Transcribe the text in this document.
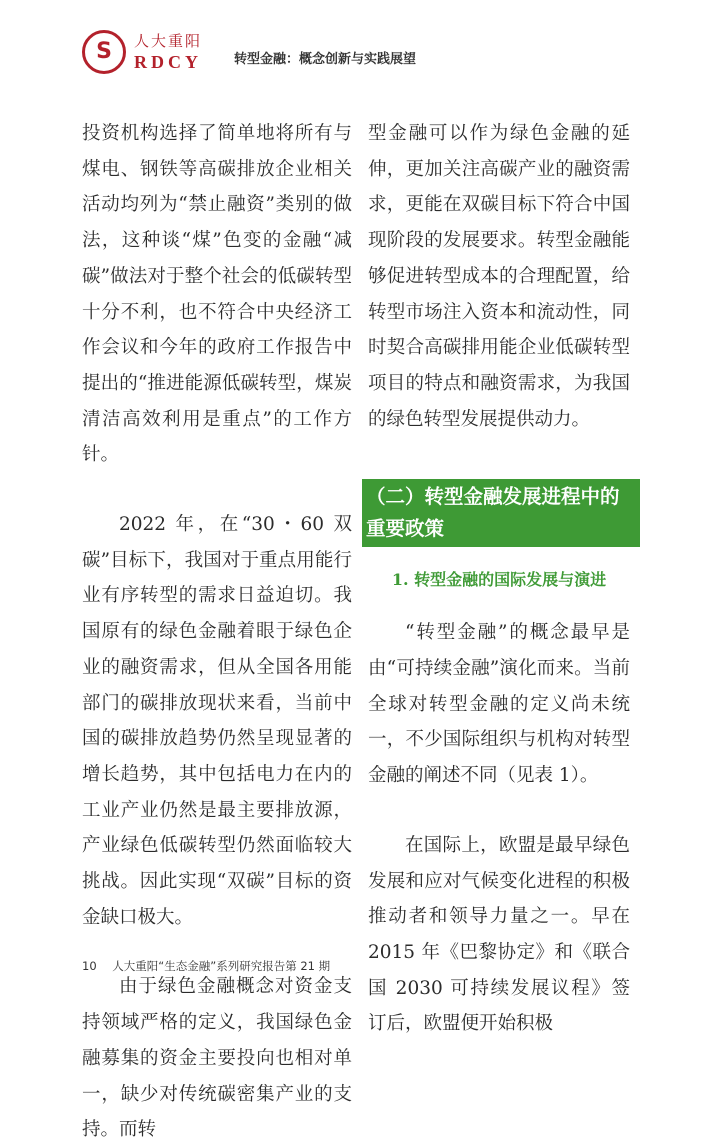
S	人大重阳
RDCY 转型金融：概念创新与实践展望

投资机构选择了简单地将所有与煤电、钢铁等高碳排放企业相关活动均列为“禁止融资”类别的做法，这种谈“煤”色变的金融“减碳”做法对于整个社会的低碳转型十分不利，也不符合中央经济工作会议和今年的政府工作报告中提出的“推进能源低碳转型，煤炭清洁高效利用是重点”的工作方针。

2022 年，在“30・60 双碳”目标下，我国对于重点用能行业有序转型的需求日益迫切。我国原有的绿色金融着眼于绿色企业的融资需求，但从全国各用能部门的碳排放现状来看，当前中国的碳排放趋势仍然呈现显著的增长趋势，其中包括电力在内的工业产业仍然是最主要排放源，产业绿色低碳转型仍然面临较大挑战。因此实现“双碳”目标的资金缺口极大。

由于绿色金融概念对资金支持领域严格的定义，我国绿色金融募集的资金主要投向也相对单一，缺少对传统碳密集产业的支持。而转

型金融可以作为绿色金融的延伸，更加关注高碳产业的融资需求，更能在双碳目标下符合中国现阶段的发展要求。转型金融能够促进转型成本的合理配置，给转型市场注入资本和流动性，同时契合高碳排用能企业低碳转型项目的特点和融资需求，为我国的绿色转型发展提供动力。

（二）转型金融发展进程中的重要政策
1. 转型金融的国际发展与演进

“转型金融”的概念最早是由“可持续金融”演化而来。当前全球对转型金融的定义尚未统一，不少国际组织与机构对转型金融的阐述不同（见表 1）。

在国际上，欧盟是最早绿色发展和应对气候变化进程的积极推动者和领导力量之一。早在 2015 年《巴黎协定》和《联合国 2030 可持续发展议程》签订后，欧盟便开始积极

10 人大重阳“生态金融”系列研究报告第 21 期
